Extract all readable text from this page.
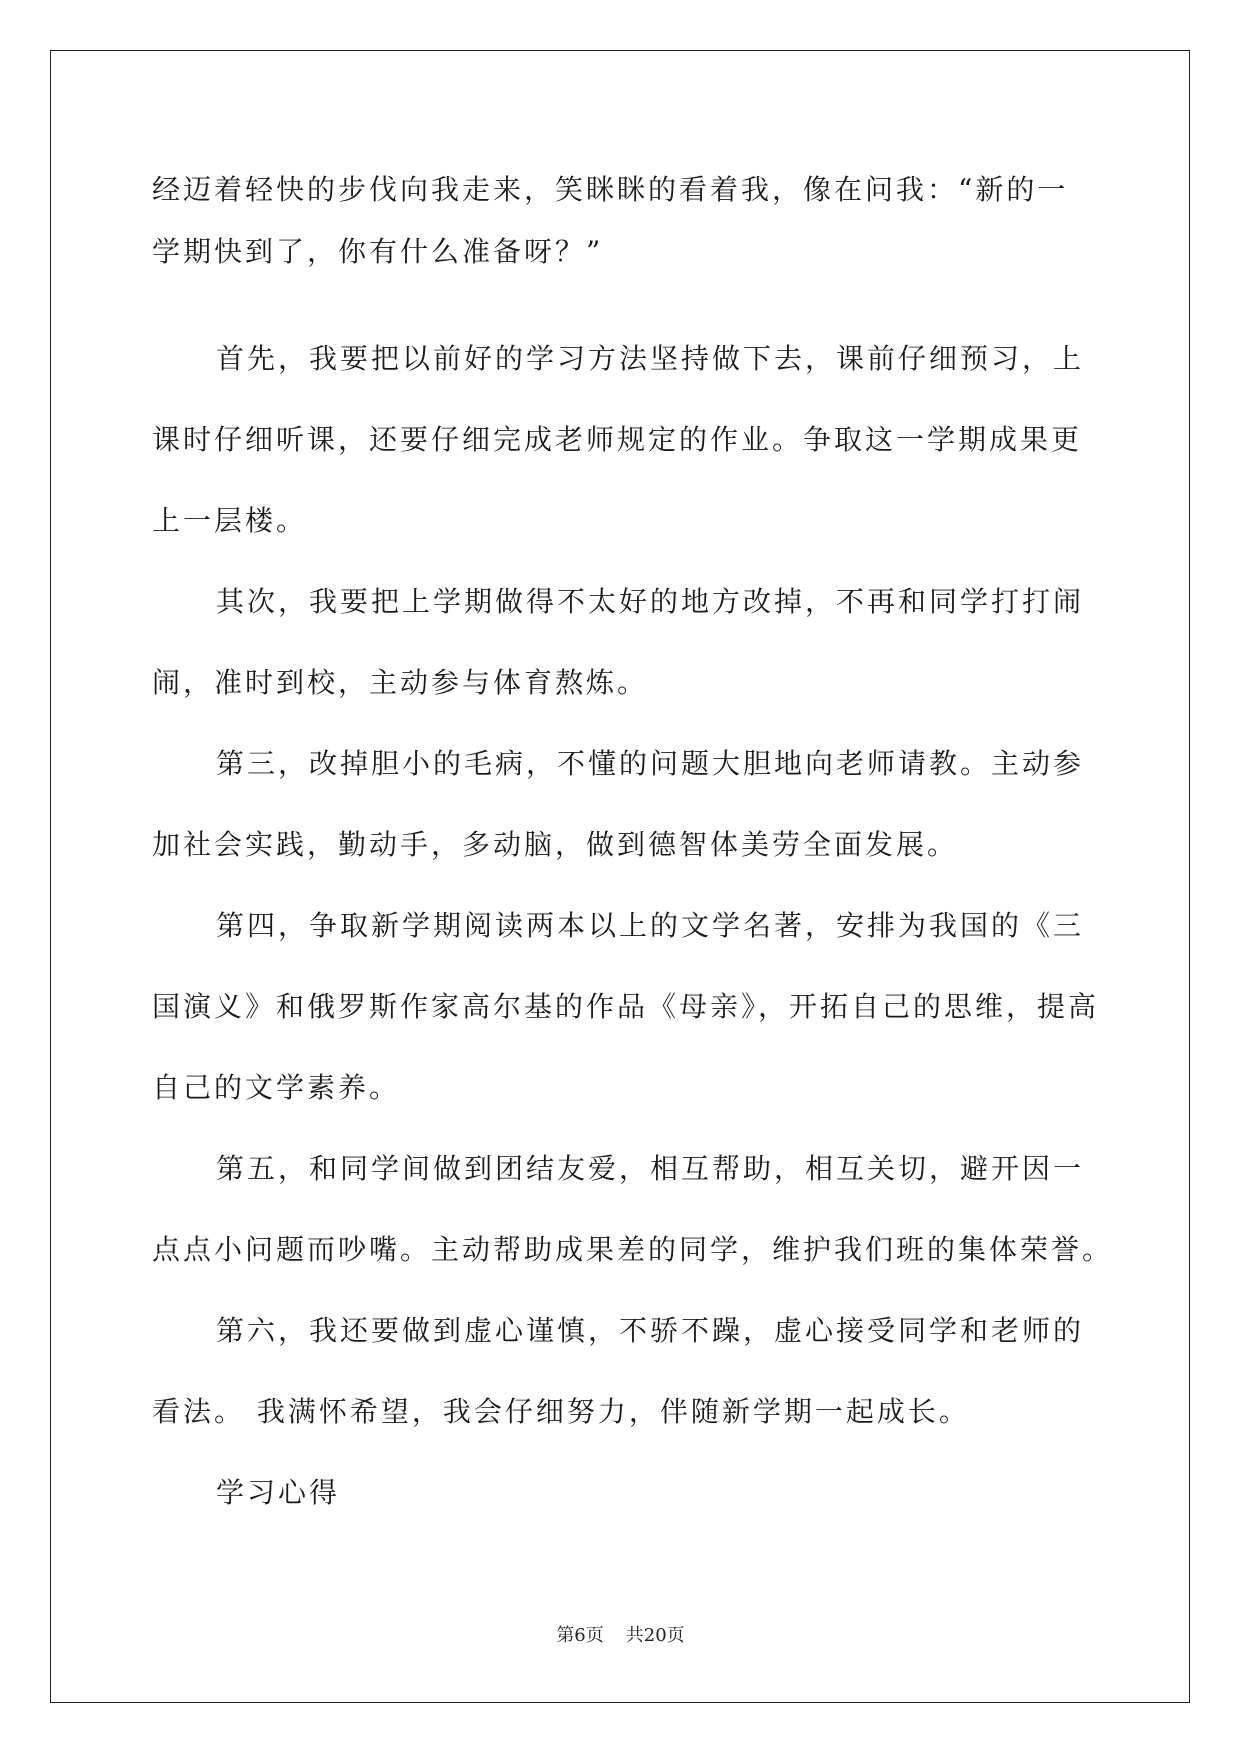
经迈着轻快的步伐向我走来，笑眯眯的看着我，像在问我：“新的一
学期快到了，你有什么准备呀？”
首先，我要把以前好的学习方法坚持做下去，课前仔细预习，上
课时仔细听课，还要仔细完成老师规定的作业。争取这一学期成果更
上一层楼。
其次，我要把上学期做得不太好的地方改掉，不再和同学打打闹
闹，准时到校，主动参与体育熬炼。
第三，改掉胆小的毛病，不懂的问题大胆地向老师请教。主动参
加社会实践，勤动手，多动脑，做到德智体美劳全面发展。
第四，争取新学期阅读两本以上的文学名著，安排为我国的《三
国演义》和俄罗斯作家高尔基的作品《母亲》，开拓自己的思维，提高
自己的文学素养。
第五，和同学间做到团结友爱，相互帮助，相互关切，避开因一
点点小问题而吵嘴。主动帮助成果差的同学，维护我们班的集体荣誉。
第六，我还要做到虚心谨慎，不骄不躁，虚心接受同学和老师的
看法。 我满怀希望，我会仔细努力，伴随新学期一起成长。
学习心得
第6页 共20页
